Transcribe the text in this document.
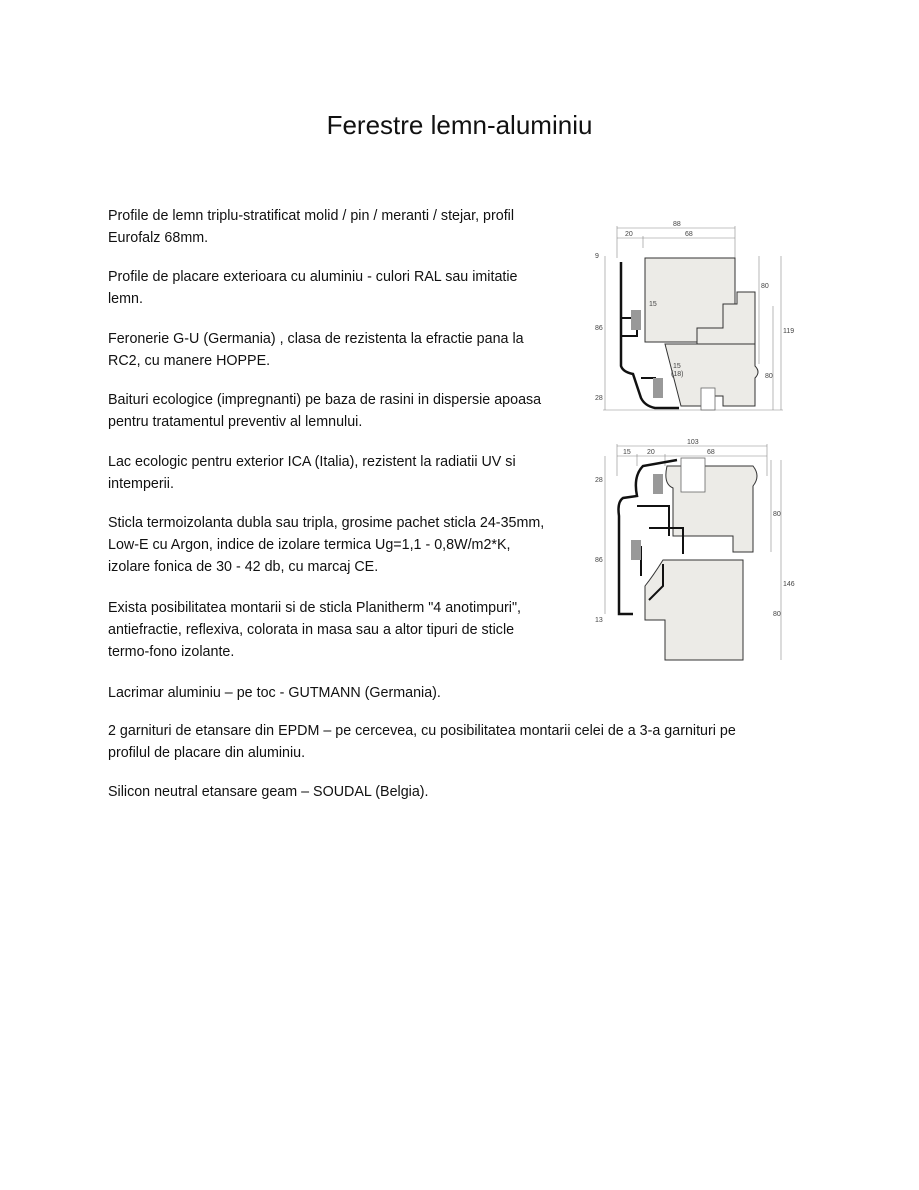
Ferestre lemn-aluminiu
Profile de lemn triplu-stratificat molid / pin / meranti / stejar, profil
Eurofalz 68mm.
Profile de placare exterioara cu aluminiu - culori RAL sau imitatie
lemn.
Feronerie G-U (Germania) , clasa de rezistenta la efractie pana la
RC2, cu manere HOPPE.
Baituri ecologice (impregnanti) pe baza de rasini in dispersie apoasa
pentru tratamentul preventiv al lemnului.
Lac ecologic pentru exterior ICA (Italia), rezistent la radiatii UV si
intemperii.
Sticla termoizolanta dubla sau tripla, grosime pachet sticla 24-35mm,
Low-E cu Argon, indice de izolare termica Ug=1,1 - 0,8W/m2*K,
izolare fonica de 30 - 42 db, cu marcaj CE.
Exista posibilitatea montarii si de sticla Planitherm "4 anotimpuri",
antiefractie, reflexiva, colorata in masa sau a altor tipuri de sticle
termo-fono izolante.
Lacrimar aluminiu – pe toc - GUTMANN (Germania).
2 garnituri de etansare din EPDM – pe cercevea, cu posibilitatea montarii celei de a 3-a garnituri pe
profilul de placare din aluminiu.
Silicon neutral etansare geam – SOUDAL (Belgia).
88
20	68
9
86
15
15
(18)
28
80
80
119
103
15 20	68
28
86
13
80
80
146
